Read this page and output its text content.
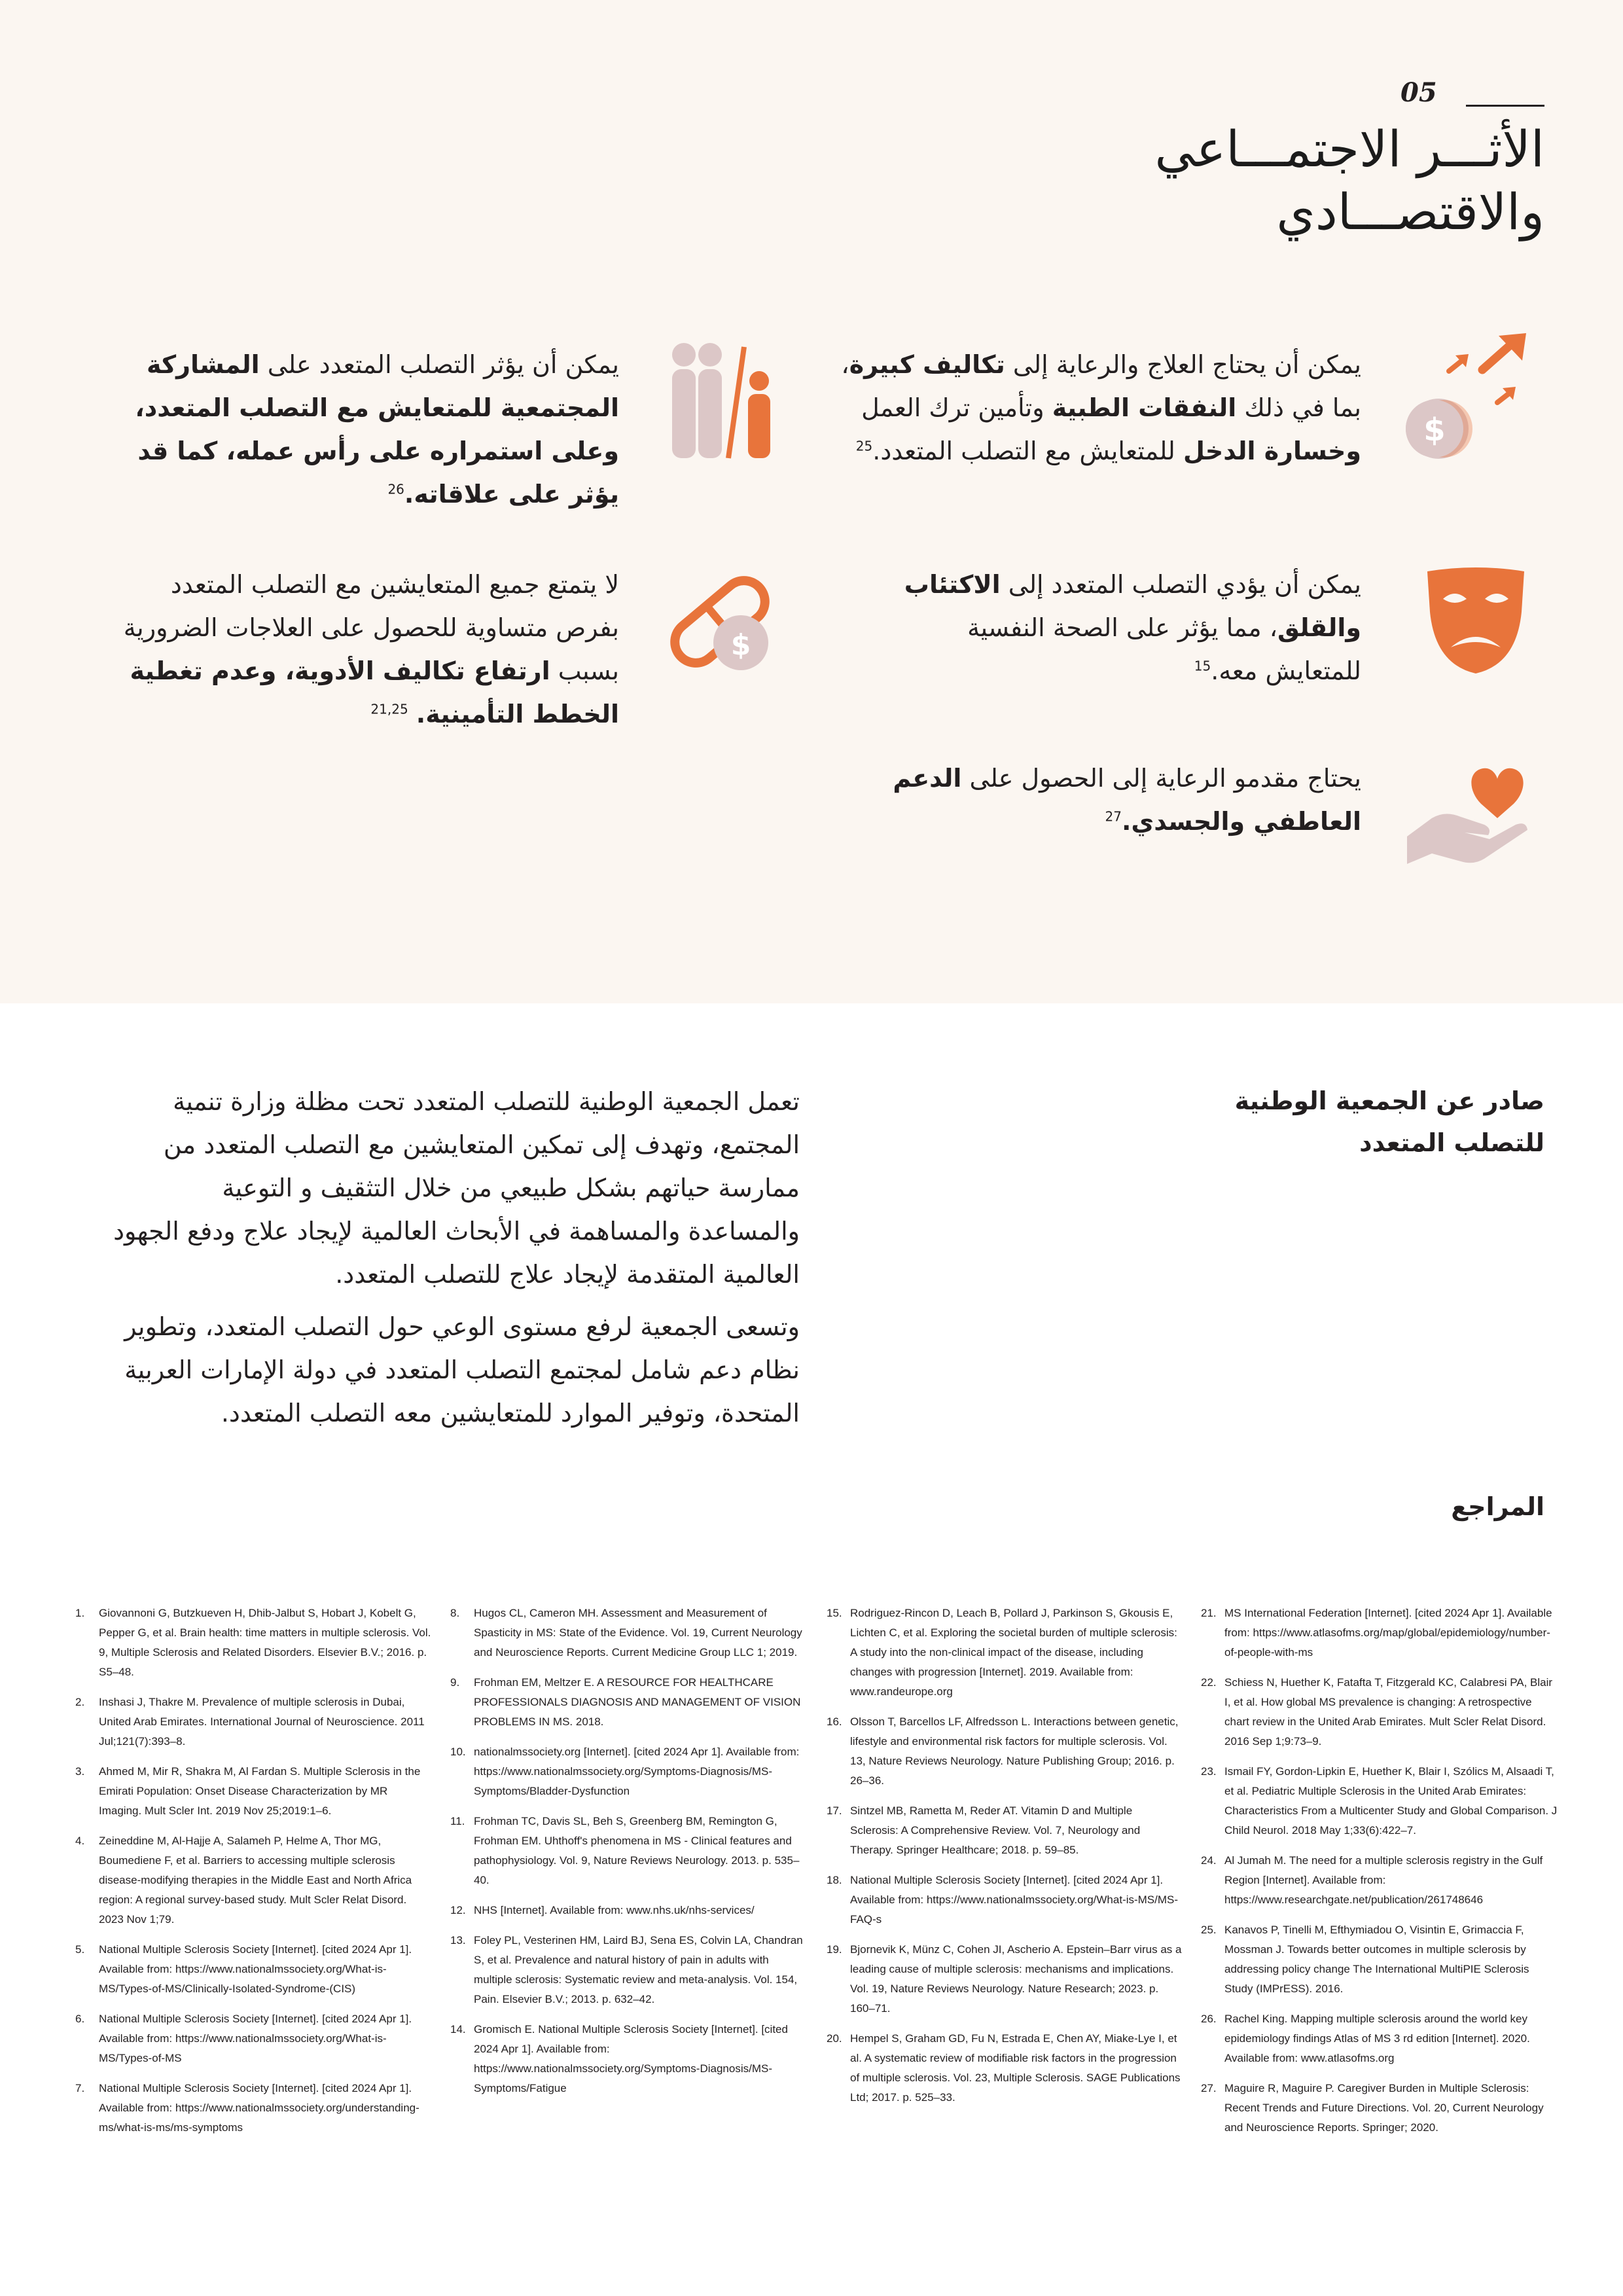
05
الأثـــر الاجتمـــاعي
والاقتصـــادي
$
يمكن أن يحتاج العلاج والرعاية إلى تكاليف كبيرة، بما في ذلك النفقات الطبية وتأمين ترك العمل وخسارة الدخل للمتعايش مع التصلب المتعدد.$^{25}$
يمكن أن يؤثر التصلب المتعدد على المشاركة المجتمعية للمتعايش مع التصلب المتعدد، وعلى استمراره على رأس عمله، كما قد يؤثر على علاقاته.$^{26}$
يمكن أن يؤدي التصلب المتعدد إلى الاكتئاب والقلق، مما يؤثر على الصحة النفسية للمتعايش معه.$^{15}$
$
لا يتمتع جميع المتعايشين مع التصلب المتعدد بفرص متساوية للحصول على العلاجات الضرورية بسبب ارتفاع تكاليف الأدوية، وعدم تغطية الخطط التأمينية. $^{21,25}$
يحتاج مقدمو الرعاية إلى الحصول على الدعم العاطفي والجسدي.$^{27}$
صادر عن الجمعية الوطنية للتصلب المتعدد

تعمل الجمعية الوطنية للتصلب المتعدد تحت مظلة وزارة تنمية المجتمع، وتهدف إلى تمكين المتعايشين مع التصلب المتعدد من ممارسة حياتهم بشكل طبيعي من خلال التثقيف و التوعية والمساعدة والمساهمة في الأبحاث العالمية لإيجاد علاج ودفع الجهود العالمية المتقدمة لإيجاد علاج للتصلب المتعدد.

وتسعى الجمعية لرفع مستوى الوعي حول التصلب المتعدد، وتطوير نظام دعم شامل لمجتمع التصلب المتعدد في دولة الإمارات العربية المتحدة، وتوفير الموارد للمتعايشين معه التصلب المتعدد.

المراجع
1. Giovannoni G, Butzkueven H, Dhib-Jalbut S, Hobart J, Kobelt G, Pepper G, et al. Brain health: time matters in multiple sclerosis. Vol. 9, Multiple Sclerosis and Related Disorders. Elsevier B.V.; 2016. p. S5–48.
2. Inshasi J, Thakre M. Prevalence of multiple sclerosis in Dubai, United Arab Emirates. International Journal of Neuroscience. 2011 Jul;121(7):393–8.
3. Ahmed M, Mir R, Shakra M, Al Fardan S. Multiple Sclerosis in the Emirati Population: Onset Disease Characterization by MR Imaging. Mult Scler Int. 2019 Nov 25;2019:1–6.
4. Zeineddine M, Al-Hajje A, Salameh P, Helme A, Thor MG, Boumediene F, et al. Barriers to accessing multiple sclerosis disease-modifying therapies in the Middle East and North Africa region: A regional survey-based study. Mult Scler Relat Disord. 2023 Nov 1;79.
5. National Multiple Sclerosis Society [Internet]. [cited 2024 Apr 1]. Available from: https://www.nationalmssociety.org/What-is-MS/Types-of-MS/Clinically-Isolated-Syndrome-(CIS)
6. National Multiple Sclerosis Society [Internet]. [cited 2024 Apr 1]. Available from: https://www.nationalmssociety.org/What-is-MS/Types-of-MS
7. National Multiple Sclerosis Society [Internet]. [cited 2024 Apr 1]. Available from: https://www.nationalmssociety.org/understanding-ms/what-is-ms/ms-symptoms
8. Hugos CL, Cameron MH. Assessment and Measurement of Spasticity in MS: State of the Evidence. Vol. 19, Current Neurology and Neuroscience Reports. Current Medicine Group LLC 1; 2019.
9. Frohman EM, Meltzer E. A RESOURCE FOR HEALTHCARE PROFESSIONALS DIAGNOSIS AND MANAGEMENT OF VISION PROBLEMS IN MS. 2018.
10. nationalmssociety.org [Internet]. [cited 2024 Apr 1]. Available from: https://www.nationalmssociety.org/Symptoms-Diagnosis/MS-Symptoms/Bladder-Dysfunction
11. Frohman TC, Davis SL, Beh S, Greenberg BM, Remington G, Frohman EM. Uhthoff's phenomena in MS - Clinical features and pathophysiology. Vol. 9, Nature Reviews Neurology. 2013. p. 535–40.
12. NHS [Internet]. Available from: www.nhs.uk/nhs-services/
13. Foley PL, Vesterinen HM, Laird BJ, Sena ES, Colvin LA, Chandran S, et al. Prevalence and natural history of pain in adults with multiple sclerosis: Systematic review and meta-analysis. Vol. 154, Pain. Elsevier B.V.; 2013. p. 632–42.
14. Gromisch E. National Multiple Sclerosis Society [Internet]. [cited 2024 Apr 1]. Available from: https://www.nationalmssociety.org/Symptoms-Diagnosis/MS-Symptoms/Fatigue
15. Rodriguez-Rincon D, Leach B, Pollard J, Parkinson S, Gkousis E, Lichten C, et al. Exploring the societal burden of multiple sclerosis: A study into the non-clinical impact of the disease, including changes with progression [Internet]. 2019. Available from: www.randeurope.org
16. Olsson T, Barcellos LF, Alfredsson L. Interactions between genetic, lifestyle and environmental risk factors for multiple sclerosis. Vol. 13, Nature Reviews Neurology. Nature Publishing Group; 2016. p. 26–36.
17. Sintzel MB, Rametta M, Reder AT. Vitamin D and Multiple Sclerosis: A Comprehensive Review. Vol. 7, Neurology and Therapy. Springer Healthcare; 2018. p. 59–85.
18. National Multiple Sclerosis Society [Internet]. [cited 2024 Apr 1]. Available from: https://www.nationalmssociety.org/What-is-MS/MS-FAQ-s
19. Bjornevik K, Münz C, Cohen JI, Ascherio A. Epstein–Barr virus as a leading cause of multiple sclerosis: mechanisms and implications. Vol. 19, Nature Reviews Neurology. Nature Research; 2023. p. 160–71.
20. Hempel S, Graham GD, Fu N, Estrada E, Chen AY, Miake-Lye I, et al. A systematic review of modifiable risk factors in the progression of multiple sclerosis. Vol. 23, Multiple Sclerosis. SAGE Publications Ltd; 2017. p. 525–33.
21. MS International Federation [Internet]. [cited 2024 Apr 1]. Available from: https://www.atlasofms.org/map/global/epidemiology/number-of-people-with-ms
22. Schiess N, Huether K, Fatafta T, Fitzgerald KC, Calabresi PA, Blair I, et al. How global MS prevalence is changing: A retrospective chart review in the United Arab Emirates. Mult Scler Relat Disord. 2016 Sep 1;9:73–9.
23. Ismail FY, Gordon-Lipkin E, Huether K, Blair I, Szólics M, Alsaadi T, et al. Pediatric Multiple Sclerosis in the United Arab Emirates: Characteristics From a Multicenter Study and Global Comparison. J Child Neurol. 2018 May 1;33(6):422–7.
24. Al Jumah M. The need for a multiple sclerosis registry in the Gulf Region [Internet]. Available from: https://www.researchgate.net/publication/261748646
25. Kanavos P, Tinelli M, Efthymiadou O, Visintin E, Grimaccia F, Mossman J. Towards better outcomes in multiple sclerosis by addressing policy change The International MultiPIE Sclerosis Study (IMPrESS). 2016.
26. Rachel King. Mapping multiple sclerosis around the world key epidemiology findings Atlas of MS 3 rd edition [Internet]. 2020. Available from: www.atlasofms.org
27. Maguire R, Maguire P. Caregiver Burden in Multiple Sclerosis: Recent Trends and Future Directions. Vol. 20, Current Neurology and Neuroscience Reports. Springer; 2020.
